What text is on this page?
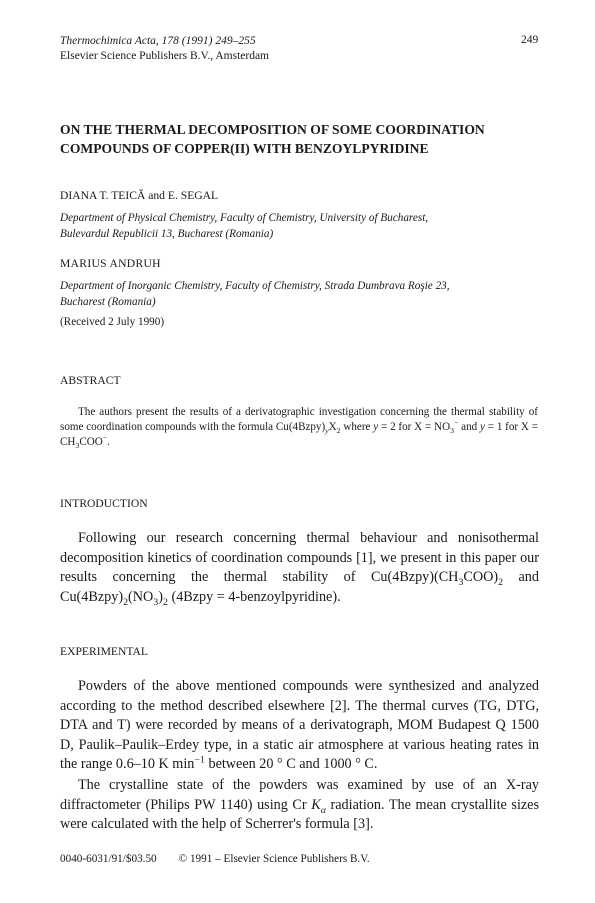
Thermochimica Acta, 178 (1991) 249–255
Elsevier Science Publishers B.V., Amsterdam
249
ON THE THERMAL DECOMPOSITION OF SOME COORDINATION
COMPOUNDS OF COPPER(II) WITH BENZOYLPYRIDINE
DIANA T. TEICĂ and E. SEGAL
Department of Physical Chemistry, Faculty of Chemistry, University of Bucharest,
Bulevardul Republicii 13, Bucharest (Romania)
MARIUS ANDRUH
Department of Inorganic Chemistry, Faculty of Chemistry, Strada Dumbrava Roşie 23,
Bucharest (Romania)
(Received 2 July 1990)
ABSTRACT
The authors present the results of a derivatographic investigation concerning the thermal stability of some coordination compounds with the formula $Cu(4Bzpy)_yX_2$ where y = 2 for $X = NO_3^-$ and y = 1 for $X = CH_3COO^-$.
INTRODUCTION
Following our research concerning thermal behaviour and nonisothermal decomposition kinetics of coordination compounds [1], we present in this paper our results concerning the thermal stability of $Cu(4Bzpy)(CH_3COO)_2$ and $Cu(4Bzpy)_2(NO_3)_2$ (4Bzpy = 4-benzoylpyridine).
EXPERIMENTAL
Powders of the above mentioned compounds were synthesized and analyzed according to the method described elsewhere [2]. The thermal curves (TG, DTG, DTA and T) were recorded by means of a derivatograph, MOM Budapest Q 1500 D, Paulik–Paulik–Erdey type, in a static air atmosphere at various heating rates in the range 0.6–10 K $\min^{-1}$ between 20 ° C and 1000 ° C.
The crystalline state of the powders was examined by use of an X-ray diffractometer (Philips PW 1140) using Cr $K_\alpha$ radiation. The mean crystallite sizes were calculated with the help of Scherrer's formula [3].
0040-6031/91/$03.50 © 1991 – Elsevier Science Publishers B.V.
